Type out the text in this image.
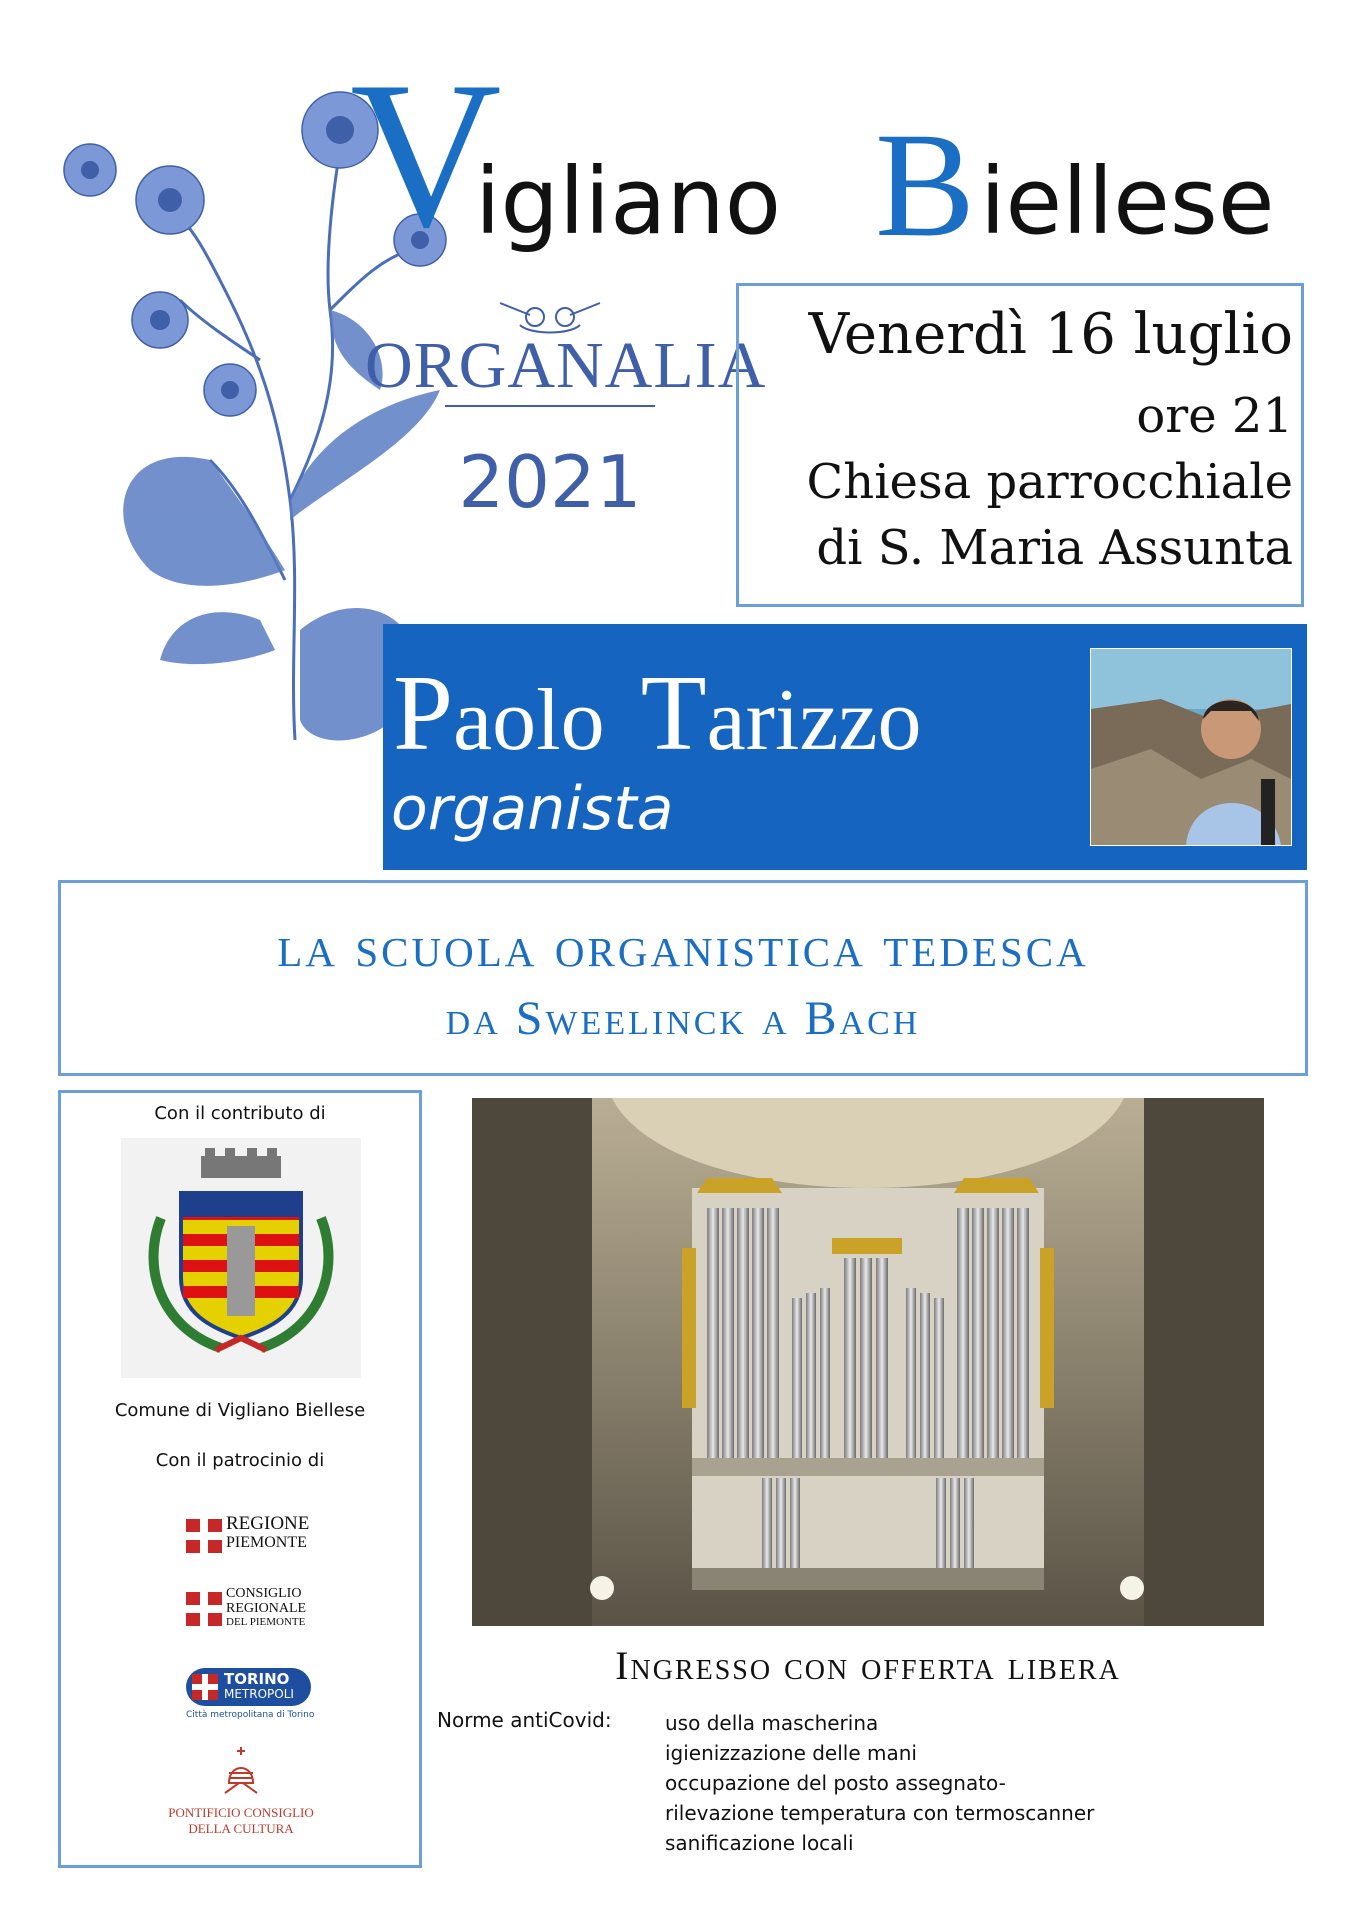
V
igliano B iellese
ORGANALIA
2021
Venerdì 16 luglio
ore 21
Chiesa parrocchiale
di S. Maria Assunta
Paolo Tarizzo
organista
la scuola organistica tedesca
da Sweelinck a Bach
Con il contributo di
Comune di Vigliano Biellese
Con il patrocinio di
REGIONE
PIEMONTE
CONSIGLIO
REGIONALE
DEL PIEMONTE
TORINO
METROPOLI
Città metropolitana di Torino
PONTIFICIO CONSIGLIO
DELLA CULTURA
Ingresso con offerta libera
Norme antiCovid:	uso della mascherina
igienizzazione delle mani
occupazione del posto assegnato-
rilevazione temperatura con termoscanner
sanificazione locali
